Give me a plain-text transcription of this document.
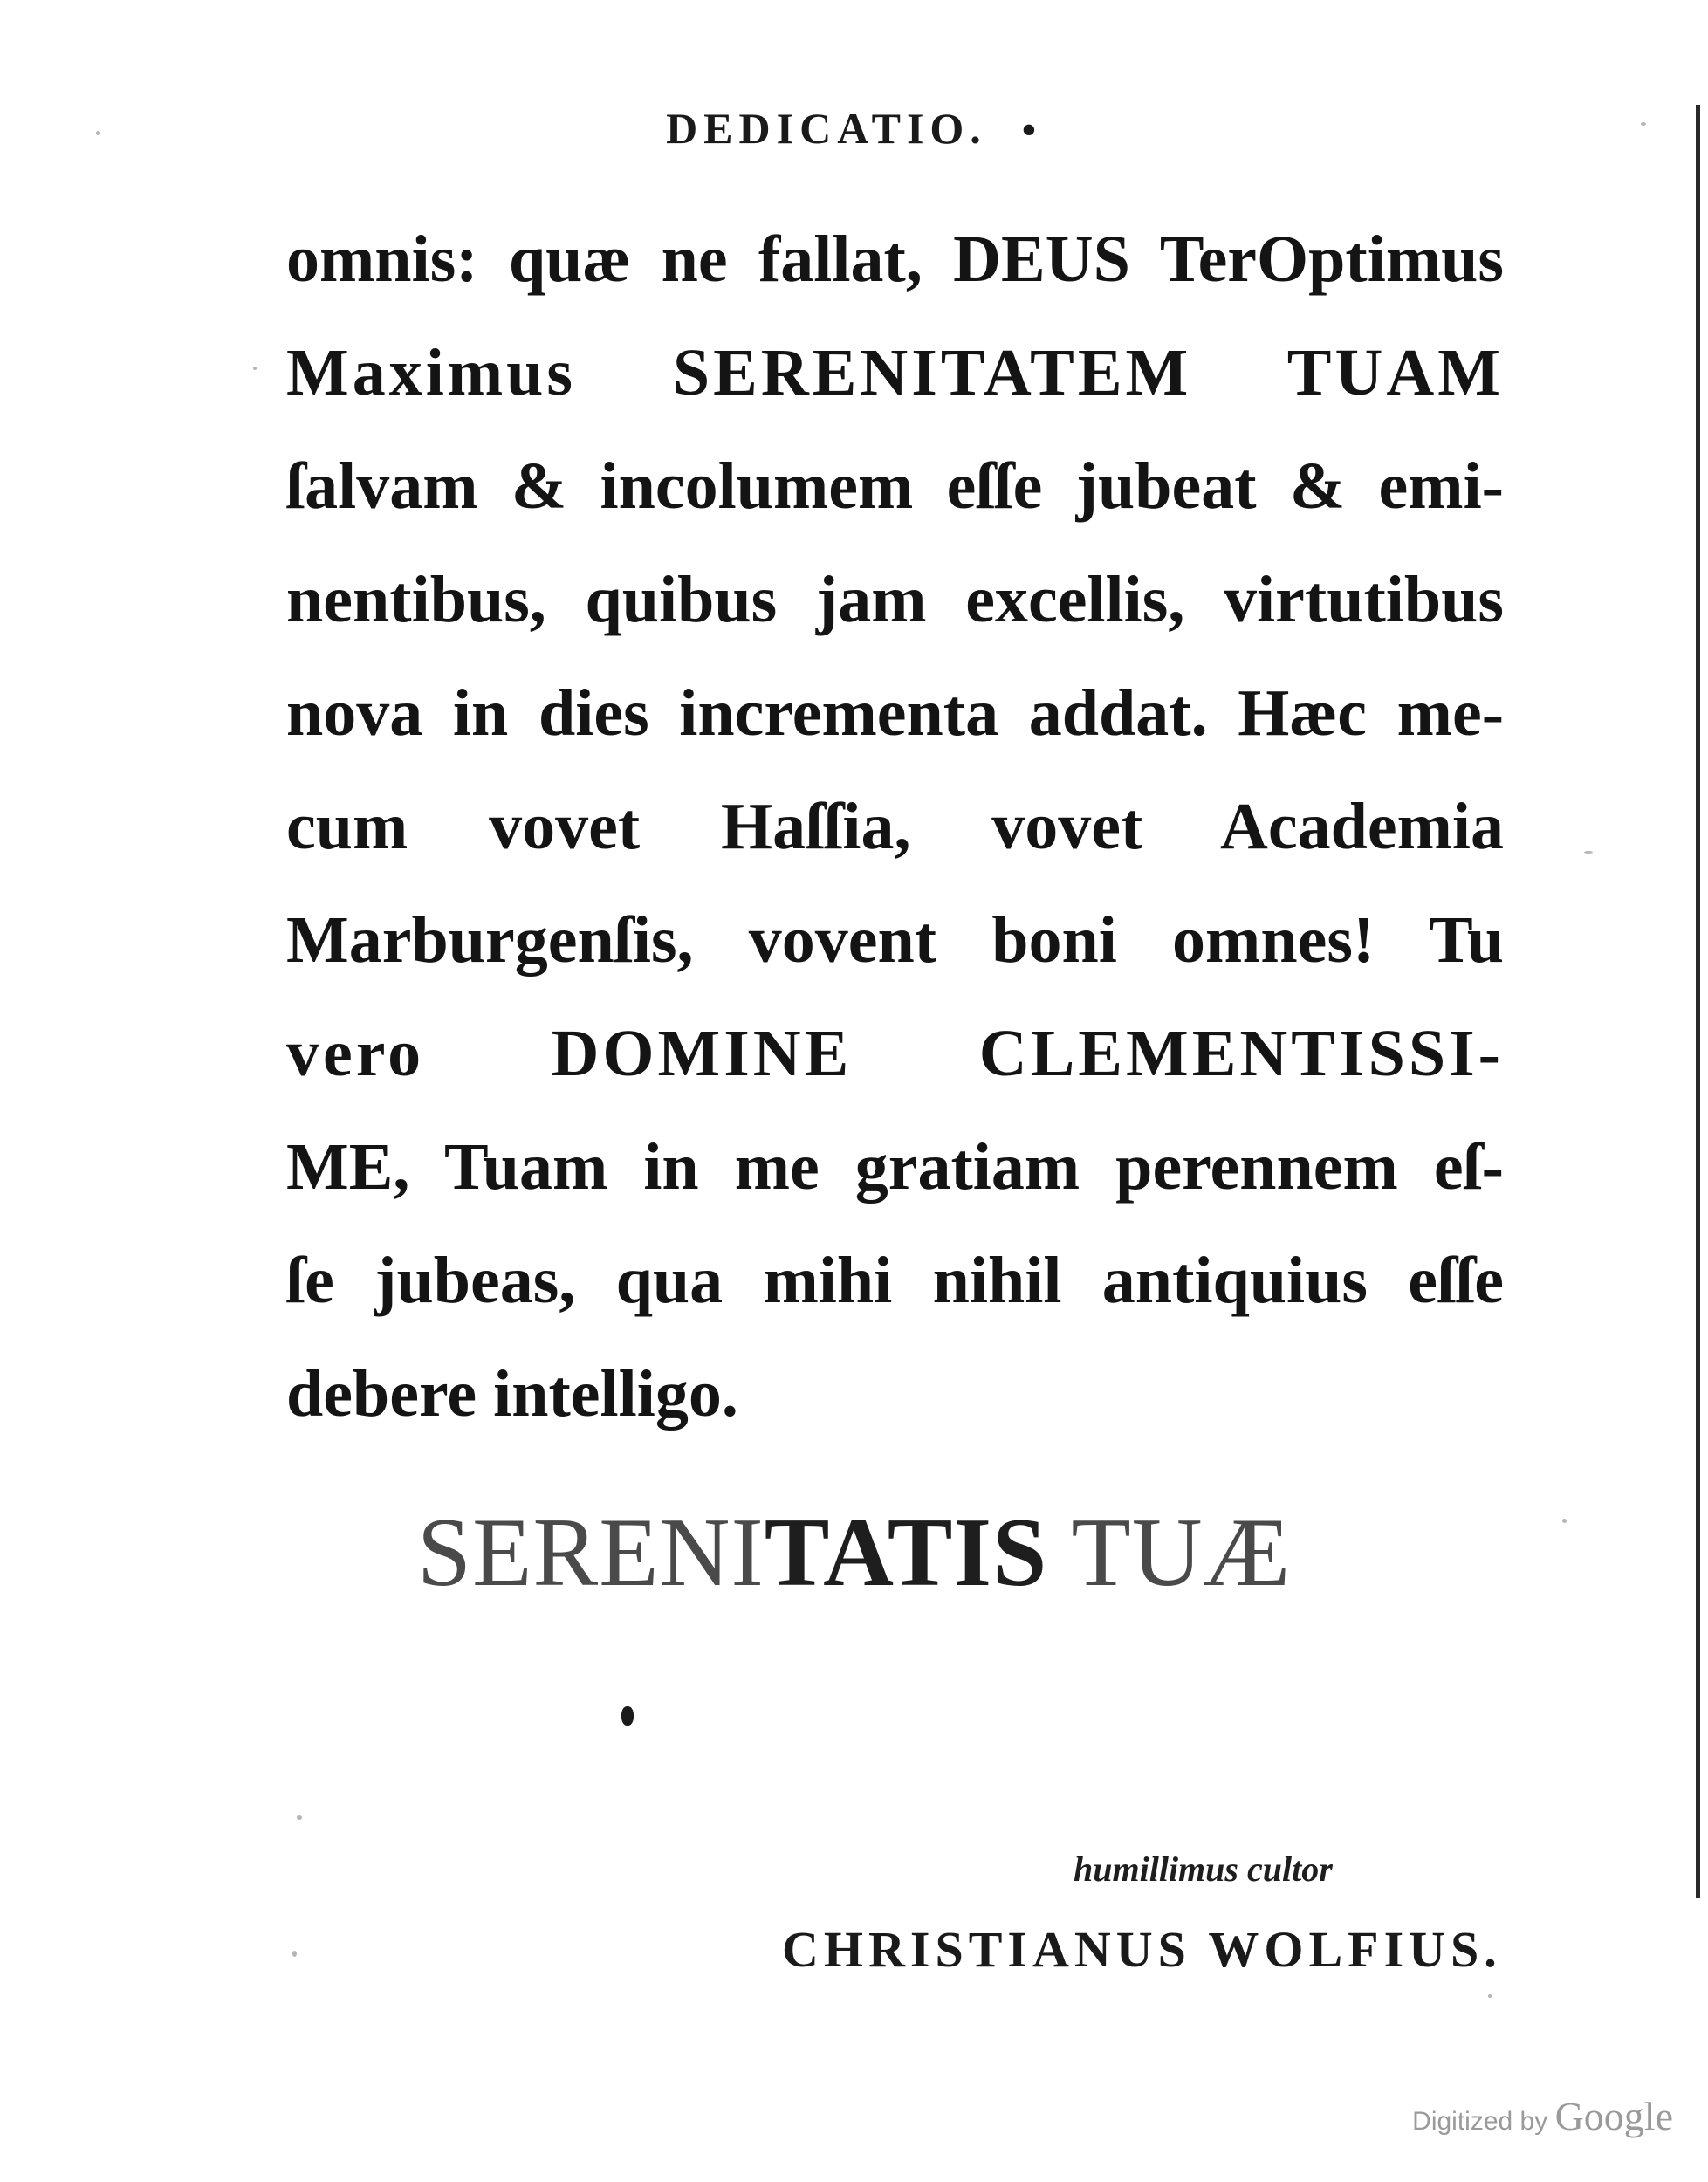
DEDICATIO. •
omnis: quæ ne fallat, DEUS TerOptimus
Maximus SERENITATEM TUAM
ſalvam & incolumem eſſe jubeat & emi-
nentibus, quibus jam excellis, virtutibus
nova in dies incrementa addat. Hæc me-
cum vovet Haſſia, vovet Academia
Marburgenſis, vovent boni omnes! Tu
vero DOMINE CLEMENTISSI-
ME, Tuam in me gratiam perennem eſ-
ſe jubeas, qua mihi nihil antiquius eſſe
debere intelligo.
SERENITATIS TUÆ
humillimus cultor
CHRISTIANUS WOLFIUS.
Digitized by Google
